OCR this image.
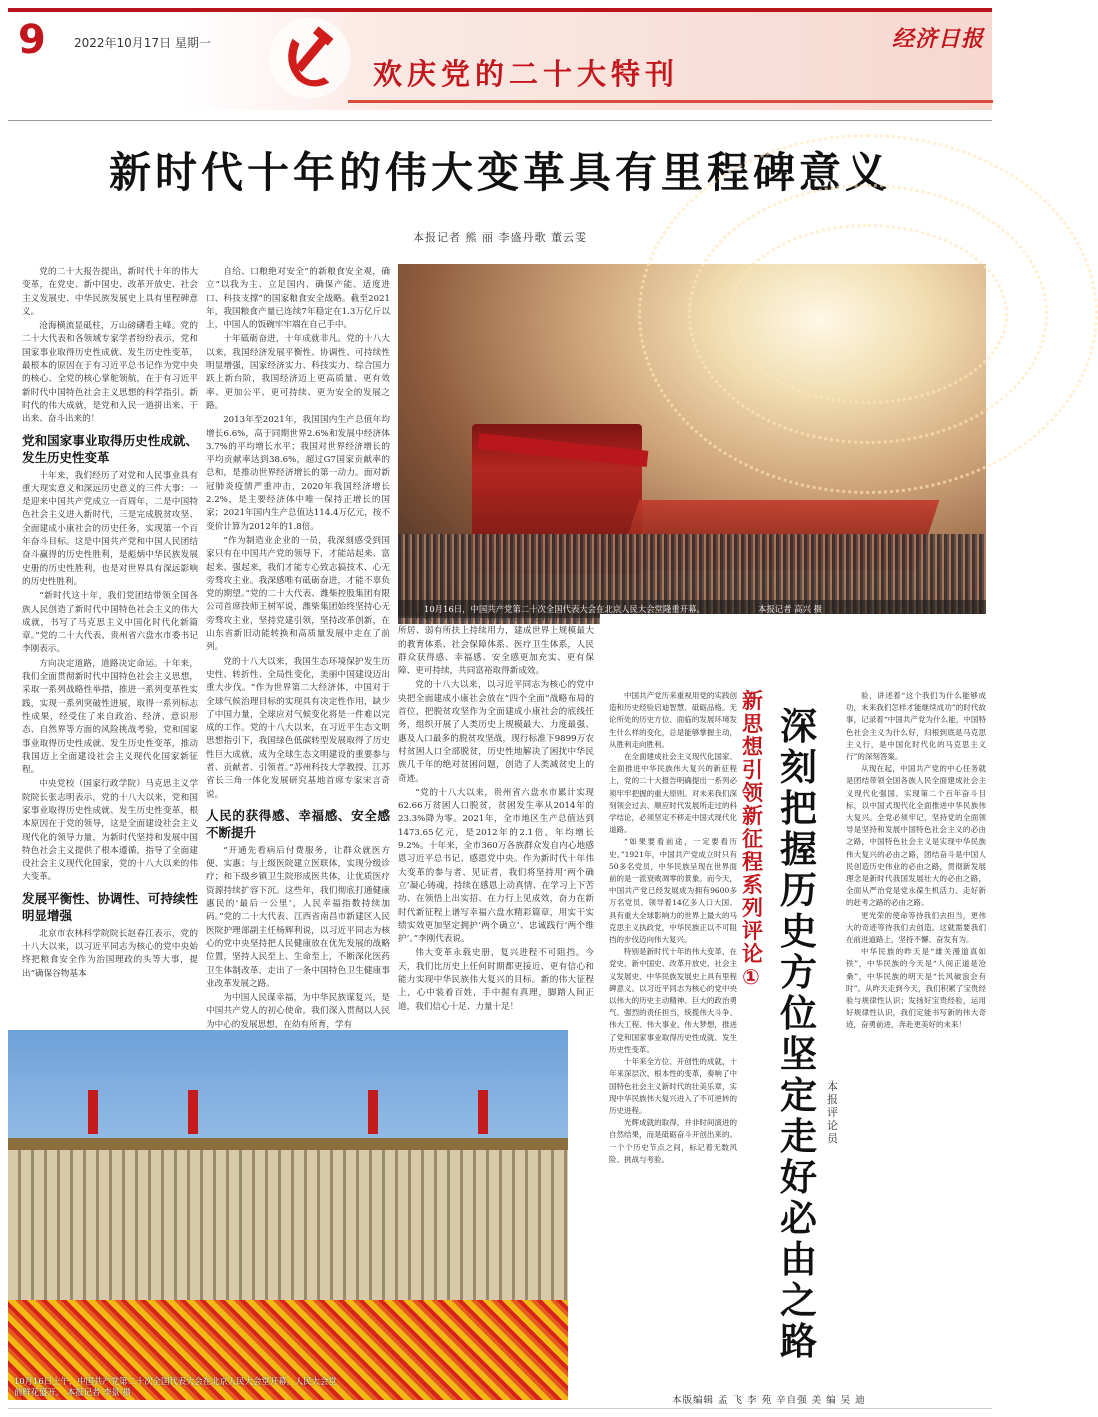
9 2022年10月17日 星期一
欢庆党的二十大特刊
经济日报
新时代十年的伟大变革具有里程碑意义
本报记者 熊 丽 李盛丹歌 董云雯

党的二十大报告提出，新时代十年的伟大变革，在党史、新中国史、改革开放史、社会主义发展史、中华民族发展史上具有里程碑意义。

沧海横流显砥柱，万山磅礴看主峰。党的二十大代表和各领域专家学者纷纷表示，党和国家事业取得历史性成就、发生历史性变革，最根本的原因在于有习近平总书记作为党中央的核心、全党的核心掌舵领航，在于有习近平新时代中国特色社会主义思想的科学指引。新时代的伟大成就，是党和人民一道拼出来、干出来、奋斗出来的！

党和国家事业取得历史性成就、发生历史性变革

十年来，我们经历了对党和人民事业具有重大现实意义和深远历史意义的三件大事：一是迎来中国共产党成立一百周年，二是中国特色社会主义进入新时代，三是完成脱贫攻坚、全面建成小康社会的历史任务，实现第一个百年奋斗目标。这是中国共产党和中国人民团结奋斗赢得的历史性胜利，是彪炳中华民族发展史册的历史性胜利，也是对世界具有深远影响的历史性胜利。

“新时代这十年，我们党团结带领全国各族人民创造了新时代中国特色社会主义的伟大成就，书写了马克思主义中国化时代化新篇章。”党的二十大代表、贵州省六盘水市委书记李刚表示。

方向决定道路，道路决定命运。十年来，我们全面贯彻新时代中国特色社会主义思想，采取一系列战略性举措，推进一系列变革性实践，实现一系列突破性进展，取得一系列标志性成果，经受住了来自政治、经济、意识形态、自然界等方面的风险挑战考验，党和国家事业取得历史性成就、发生历史性变革，推动我国迈上全面建设社会主义现代化国家新征程。

中央党校（国家行政学院）马克思主义学院院长张志明表示，党的十八大以来，党和国家事业取得历史性成就、发生历史性变革，根本原因在于党的领导，这是全面建设社会主义现代化的领导力量，为新时代坚持和发展中国特色社会主义提供了根本遵循，指导了全面建设社会主义现代化国家，党的十八大以来的伟大变革。

发展平衡性、协调性、可持续性明显增强

北京市农林科学院院长赵春江表示，党的十八大以来，以习近平同志为核心的党中央始终把粮食安全作为治国理政的头等大事，提出“确保谷物基本

自给、口粮绝对安全”的新粮食安全观，确立“以我为主、立足国内、确保产能、适度进口、科技支撑”的国家粮食安全战略。截至2021年，我国粮食产量已连续7年稳定在1.3万亿斤以上，中国人的饭碗牢牢端在自己手中。

十年砥砺奋进，十年成就非凡。党的十八大以来，我国经济发展平衡性、协调性、可持续性明显增强，国家经济实力、科技实力、综合国力跃上新台阶，我国经济迈上更高质量、更有效率、更加公平、更可持续、更为安全的发展之路。

2013年至2021年，我国国内生产总值年均增长6.6%，高于同期世界2.6%和发展中经济体3.7%的平均增长水平；我国对世界经济增长的平均贡献率达到38.6%，超过G7国家贡献率的总和，是推动世界经济增长的第一动力。面对新冠肺炎疫情严重冲击，2020年我国经济增长2.2%，是主要经济体中唯一保持正增长的国家；2021年国内生产总值达114.4万亿元，按不变价计算为2012年的1.8倍。

“作为制造业企业的一员，我深刻感受到国家只有在中国共产党的领导下，才能站起来、富起来、强起来，我们才能专心致志搞技术、心无旁骛攻主业。我深感唯有砥砺奋进，才能不辜负党的期望。”党的二十大代表、潍柴控股集团有限公司首席技师王树军说，潍柴集团始终坚持心无旁骛攻主业，坚持党建引领，坚持改革创新，在山东省新旧动能转换和高质量发展中走在了前列。

党的十八大以来，我国生态环境保护发生历史性、转折性、全局性变化，美丽中国建设迈出重大步伐。“作为世界第二大经济体，中国对于全球气候治理目标的实现具有决定性作用，缺少了中国力量，全球应对气候变化将是一件难以完成的工作。党的十八大以来，在习近平生态文明思想指引下，我国绿色低碳转型发展取得了历史性巨大成就，成为全球生态文明建设的重要参与者、贡献者、引领者。”苏州科技大学教授、江苏省长三角一体化发展研究基地首席专家宋言奇说。

人民的获得感、幸福感、安全感不断提升

“开通先看病后付费服务，让群众就医方便、实惠；与上级医院建立医联体，实现分级诊疗；和下级乡镇卫生院形成医共体，让优质医疗资源持续扩容下沉。这些年，我们彻底打通健康惠民的‘最后一公里’，人民幸福指数持续加码。”党的二十大代表、江西省南昌市新建区人民医院护理部副主任杨辉利说，以习近平同志为核心的党中央坚持把人民健康放在优先发展的战略位置，坚持人民至上、生命至上，不断深化医药卫生体制改革，走出了一条中国特色卫生健康事业改革发展之路。

为中国人民谋幸福，为中华民族谋复兴，是中国共产党人的初心使命。我们深入贯彻以人民为中心的发展思想，在幼有所育，学有

10月16日，中国共产党第二十次全国代表大会在北京人民大会堂隆重开幕。	本报记者 高兴 摄

所教、劳有所得、病有所医、老有所养、住有所居、弱有所扶上持续用力，建成世界上规模最大的教育体系、社会保障体系、医疗卫生体系，人民群众获得感、幸福感、安全感更加充实、更有保障、更可持续，共同富裕取得新成效。

党的十八大以来，以习近平同志为核心的党中央把全面建成小康社会放在“四个全面”战略布局的首位，把脱贫攻坚作为全面建成小康社会的底线任务，组织开展了人类历史上规模最大、力度最强、惠及人口最多的脱贫攻坚战，现行标准下9899万农村贫困人口全部脱贫，历史性地解决了困扰中华民族几千年的绝对贫困问题，创造了人类减贫史上的奇迹。

“党的十八大以来，贵州省六盘水市累计实现62.66万贫困人口脱贫，贫困发生率从2014年的23.3%降为零。2021年，全市地区生产总值达到1473.65亿元，是2012年的2.1倍，年均增长9.2%。十年来，全市360万各族群众发自内心地感恩习近平总书记、感恩党中央。作为新时代十年伟大变革的参与者、见证者，我们将坚持用‘两个确立’凝心铸魂，持续在感恩上动真情、在学习上下苦功、在领悟上出实招、在力行上见成效，奋力在新时代新征程上谱写幸福六盘水精彩篇章，用实干实绩实效更加坚定拥护‘两个确立’、忠诚践行‘两个维护’。”李刚代表说。

伟大变革永载史册，复兴进程不可阻挡。今天，我们比历史上任何时期都更接近、更有信心和能力实现中华民族伟大复兴的目标。新的伟大征程上，心中装着百姓，手中握有真理，脚踏人间正道，我们信心十足、力量十足！

10月16日上午，中国共产党第二十次全国代表大会在北京人民大会堂开幕。人民大会堂前鲜花盛开。 本报记者 李景 摄

中国共产党历来重视用党的实践创造和历史经验启迪智慧、砥砺品格。无论所处的历史方位、面临的发展环境发生什么样的变化，总是能够掌握主动，从胜利走向胜利。

在全面建成社会主义现代化国家、全面推进中华民族伟大复兴的新征程上，党的二十大报告明确提出一系列必须牢牢把握的重大原则。对未来我们深刻领会过去、顺应时代发展所走过的科学结论，必须坚定不移走中国式现代化道路。

“如果要看前途，一定要看历史。”1921年，中国共产党成立时只有50多名党员，中华民族呈现在世界面前的是一派衰败凋零的景象。而今天，中国共产党已经发展成为拥有9600多万名党员、领导着14亿多人口大国、具有重大全球影响力的世界上最大的马克思主义执政党，中华民族正以不可阻挡的步伐迈向伟大复兴。

特别是新时代十年的伟大变革，在党史、新中国史、改革开放史、社会主义发展史、中华民族发展史上具有里程碑意义。以习近平同志为核心的党中央以伟大的历史主动精神、巨大的政治勇气、强烈的责任担当，统揽伟大斗争、伟大工程、伟大事业、伟大梦想，推进了党和国家事业取得历史性成就、发生历史性变革。

十年来全方位、开创性的成就，十年来深层次、根本性的变革，奏响了中国特色社会主义新时代的壮美乐章，实现中华民族伟大复兴进入了不可逆转的历史进程。

光辉成就的取得，并非时间演进的自然结果，而是砥砺奋斗开创出来的。一个个历史节点之间，标记着无数风险、挑战与考验。

新思想引领新征程系列评论①
深刻把握历史方位 坚定走好必由之路
本报评论员

验，讲述着“这个我们为什么能够成功，未来我们怎样才能继续成功”的时代故事，记录着“中国共产党为什么能，中国特色社会主义为什么好，归根到底是马克思主义行，是中国化时代化的马克思主义行”的深刻答案。

从现在起，中国共产党的中心任务就是团结带领全国各族人民全面建成社会主义现代化强国、实现第二个百年奋斗目标，以中国式现代化全面推进中华民族伟大复兴。全党必须牢记，坚持党的全面领导是坚持和发展中国特色社会主义的必由之路，中国特色社会主义是实现中华民族伟大复兴的必由之路，团结奋斗是中国人民创造历史伟业的必由之路，贯彻新发展理念是新时代我国发展壮大的必由之路，全面从严治党是党永葆生机活力、走好新的赶考之路的必由之路。

更光荣的使命等待我们去担当，更伟大的奇迹等待我们去创造。这就需要我们在前进道路上，坚持不懈、奋发有为。

中华民族的昨天是“雄关漫道真如铁”，中华民族的今天是“人间正道是沧桑”，中华民族的明天是“长风破浪会有时”。从昨天走到今天，我们积累了宝贵经验与规律性认识；发扬好宝贵经验，运用好规律性认识，我们定能书写新的伟大奇迹，奋勇前进，奔赴更美好的未来！

本版编辑 孟 飞 李 苑 辛自强 美 编 吴 迪
